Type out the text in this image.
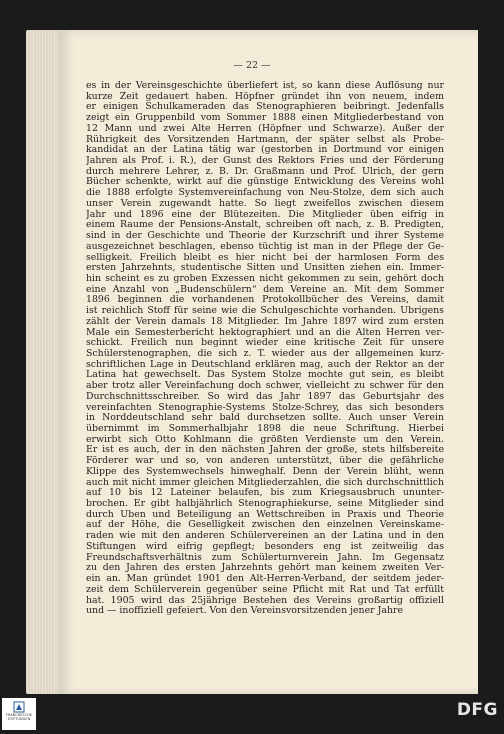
— 22 —
es in der Vereinsgeschichte überliefert ist, so kann diese Auflösung nur
kurze Zeit gedauert haben. Höpfner gründet ihn von neuem, indem
er einigen Schulkameraden das Stenographieren beibringt. Jedenfalls
zeigt ein Gruppenbild vom Sommer 1888 einen Mitgliederbestand von
12 Mann und zwei Alte Herren (Höpfner und Schwarze). Außer der
Rührigkeit des Vorsitzenden Hartmann, der später selbst als Probe-
kandidat an der Latina tätig war (gestorben in Dortmund vor einigen
Jahren als Prof. i. R.), der Gunst des Rektors Fries und der Förderung
durch mehrere Lehrer, z. B. Dr. Graßmann und Prof. Ulrich, der gern
Bücher schenkte, wirkt auf die günstige Entwicklung des Vereins wohl
die 1888 erfolgte Systemvereinfachung von Neu-Stolze, dem sich auch
unser Verein zugewandt hatte. So liegt zweifellos zwischen diesem
Jahr und 1896 eine der Blütezeiten. Die Mitglieder üben eifrig in
einem Raume der Pensions-Anstalt, schreiben oft nach, z. B. Predigten,
sind in der Geschichte und Theorie der Kurzschrift und ihrer Systeme
ausgezeichnet beschlagen, ebenso tüchtig ist man in der Pflege der Ge-
selligkeit. Freilich bleibt es hier nicht bei der harmlosen Form des
ersten Jahrzehnts, studentische Sitten und Unsitten ziehen ein. Immer-
hin scheint es zu groben Exzessen nicht gekommen zu sein, gehört doch
eine Anzahl von „Budenschülern“ dem Vereine an. Mit dem Sommer
1896 beginnen die vorhandenen Protokollbücher des Vereins, damit
ist reichlich Stoff für seine wie die Schulgeschichte vorhanden. Übrigens
zählt der Verein damals 18 Mitglieder. Im Jahre 1897 wird zum ersten
Male ein Semesterbericht hektographiert und an die Alten Herren ver-
schickt. Freilich nun beginnt wieder eine kritische Zeit für unsere
Schülerstenographen, die sich z. T. wieder aus der allgemeinen kurz-
schriftlichen Lage in Deutschland erklären mag, auch der Rektor an der
Latina hat gewechselt. Das System Stolze mochte gut sein, es bleibt
aber trotz aller Vereinfachung doch schwer, vielleicht zu schwer für den
Durchschnittsschreiber. So wird das Jahr 1897 das Geburtsjahr des
vereinfachten Stenographie-Systems Stolze-Schrey, das sich besonders
in Norddeutschland sehr bald durchsetzen sollte. Auch unser Verein
übernimmt im Sommerhalbjahr 1898 die neue Schriftung. Hierbei
erwirbt sich Otto Kohlmann die größten Verdienste um den Verein.
Er ist es auch, der in den nächsten Jahren der große, stets hilfsbereite
Förderer war und so, von anderen unterstützt, über die gefährliche
Klippe des Systemwechsels hinweghalf. Denn der Verein blüht, wenn
auch mit nicht immer gleichen Mitgliederzahlen, die sich durchschnittlich
auf 10 bis 12 Lateiner belaufen, bis zum Kriegsausbruch ununter-
brochen. Er gibt halbjährlich Stenographiekurse, seine Mitglieder sind
durch Üben und Beteiligung an Wettschreiben in Praxis und Theorie
auf der Höhe, die Geselligkeit zwischen den einzelnen Vereinskame-
raden wie mit den anderen Schülervereinen an der Latina und in den
Stiftungen wird eifrig gepflegt; besonders eng ist zeitweilig das
Freundschaftsverhältnis zum Schülerturnverein Jahn. Im Gegensatz
zu den Jahren des ersten Jahrzehnts gehört man keinem zweiten Ver-
ein an. Man gründet 1901 den Alt-Herren-Verband, der seitdem jeder-
zeit dem Schülerverein gegenüber seine Pflicht mit Rat und Tat erfüllt
hat. 1905 wird das 25jährige Bestehen des Vereins großartig offiziell
und — inoffiziell gefeiert. Von den Vereinsvorsitzenden jener Jahre
FRANCKESCHE STIFTUNGEN	DFG
